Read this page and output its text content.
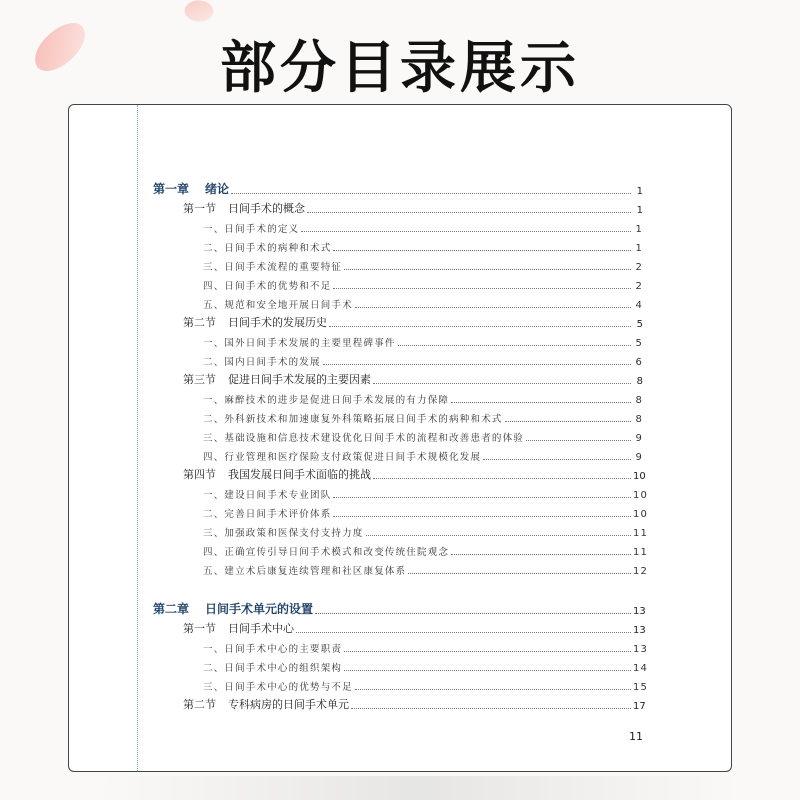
部分目录展示
第一章 绪论	1
第一节 日间手术的概念	1
一、日间手术的定义	1
二、日间手术的病种和术式	1
三、日间手术流程的重要特征	2
四、日间手术的优势和不足	2
五、规范和安全地开展日间手术	4
第二节 日间手术的发展历史	5
一、国外日间手术发展的主要里程碑事件	5
二、国内日间手术的发展	6
第三节 促进日间手术发展的主要因素	8
一、麻醉技术的进步是促进日间手术发展的有力保障	8
二、外科新技术和加速康复外科策略拓展日间手术的病种和术式	8
三、基础设施和信息技术建设优化日间手术的流程和改善患者的体验	9
四、行业管理和医疗保险支付政策促进日间手术规模化发展	9
第四节 我国发展日间手术面临的挑战	10
一、建设日间手术专业团队	10
二、完善日间手术评价体系	10
三、加强政策和医保支付支持力度	11
四、正确宣传引导日间手术模式和改变传统住院观念	11
五、建立术后康复连续管理和社区康复体系	12
第二章 日间手术单元的设置	13
第一节 日间手术中心	13
一、日间手术中心的主要职责	13
二、日间手术中心的组织架构	14
三、日间手术中心的优势与不足	15
第二节 专科病房的日间手术单元	17
11
